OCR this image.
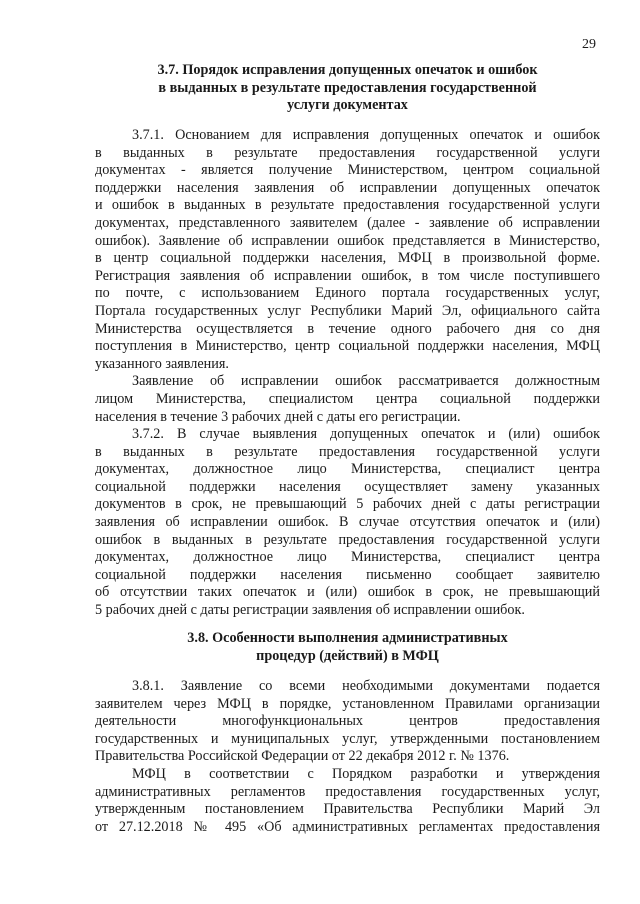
29
3.7. Порядок исправления допущенных опечаток и ошибок
в выданных в результате предоставления государственной
услуги документах
3.7.1. Основанием для исправления допущенных опечаток и ошибок
в выданных в результате предоставления государственной услуги
документах - является получение Министерством, центром социальной
поддержки населения заявления об исправлении допущенных опечаток
и ошибок в выданных в результате предоставления государственной услуги
документах, представленного заявителем (далее - заявление об исправлении
ошибок). Заявление об исправлении ошибок представляется в Министерство,
в центр социальной поддержки населения, МФЦ в произвольной форме.
Регистрация заявления об исправлении ошибок, в том числе поступившего
по почте, с использованием Единого портала государственных услуг,
Портала государственных услуг Республики Марий Эл, официального сайта
Министерства осуществляется в течение одного рабочего дня со дня
поступления в Министерство, центр социальной поддержки населения, МФЦ
указанного заявления.
Заявление об исправлении ошибок рассматривается должностным
лицом Министерства, специалистом центра социальной поддержки
населения в течение 3 рабочих дней с даты его регистрации.
3.7.2. В случае выявления допущенных опечаток и (или) ошибок
в выданных в результате предоставления государственной услуги
документах, должностное лицо Министерства, специалист центра
социальной поддержки населения осуществляет замену указанных
документов в срок, не превышающий 5 рабочих дней с даты регистрации
заявления об исправлении ошибок. В случае отсутствия опечаток и (или)
ошибок в выданных в результате предоставления государственной услуги
документах, должностное лицо Министерства, специалист центра
социальной поддержки населения письменно сообщает заявителю
об отсутствии таких опечаток и (или) ошибок в срок, не превышающий
5 рабочих дней с даты регистрации заявления об исправлении ошибок.
3.8. Особенности выполнения административных
процедур (действий) в МФЦ
3.8.1. Заявление со всеми необходимыми документами подается
заявителем через МФЦ в порядке, установленном Правилами организации
деятельности многофункциональных центров предоставления
государственных и муниципальных услуг, утвержденными постановлением
Правительства Российской Федерации от 22 декабря 2012 г. № 1376.
МФЦ в соответствии с Порядком разработки и утверждения
административных регламентов предоставления государственных услуг,
утвержденным постановлением Правительства Республики Марий Эл
от 27.12.2018 № 495 «Об административных регламентах предоставления
